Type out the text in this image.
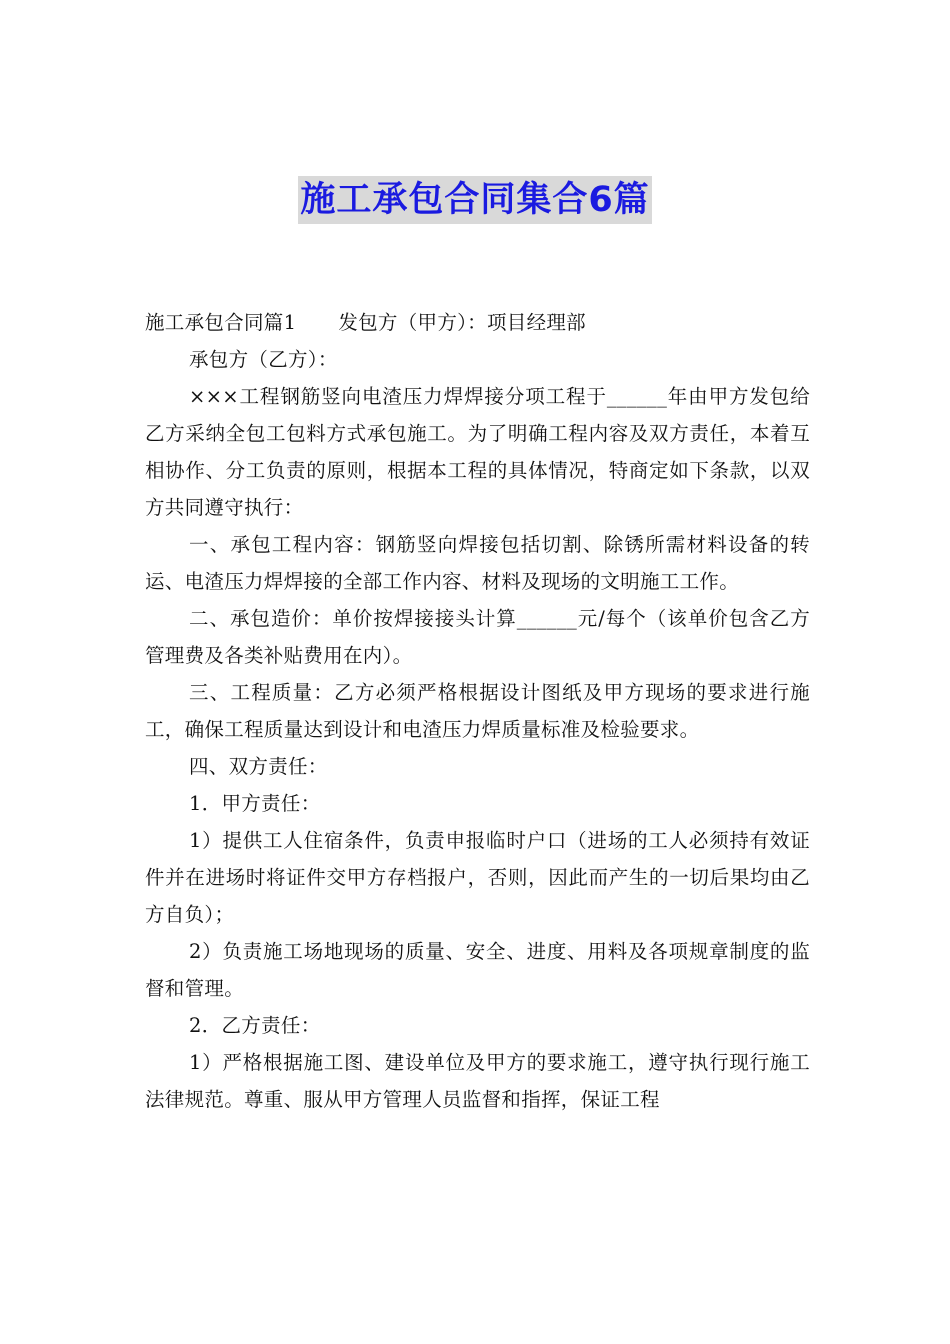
施工承包合同集合6篇

施工承包合同篇1 发包方（甲方）：项目经理部

承包方（乙方）：

×××工程钢筋竖向电渣压力焊焊接分项工程于______年由甲方发包给乙方采纳全包工包料方式承包施工。为了明确工程内容及双方责任，本着互相协作、分工负责的原则，根据本工程的具体情况，特商定如下条款，以双方共同遵守执行：

一、承包工程内容：钢筋竖向焊接包括切割、除锈所需材料设备的转运、电渣压力焊焊接的全部工作内容、材料及现场的文明施工工作。

二、承包造价：单价按焊接接头计算______元/每个（该单价包含乙方管理费及各类补贴费用在内）。

三、工程质量：乙方必须严格根据设计图纸及甲方现场的要求进行施工，确保工程质量达到设计和电渣压力焊质量标准及检验要求。

四、双方责任：

1．甲方责任：

1）提供工人住宿条件，负责申报临时户口（进场的工人必须持有效证件并在进场时将证件交甲方存档报户，否则，因此而产生的一切后果均由乙方自负）；

2）负责施工场地现场的质量、安全、进度、用料及各项规章制度的监督和管理。

2．乙方责任：

1）严格根据施工图、建设单位及甲方的要求施工，遵守执行现行施工法律规范。尊重、服从甲方管理人员监督和指挥，保证工程
